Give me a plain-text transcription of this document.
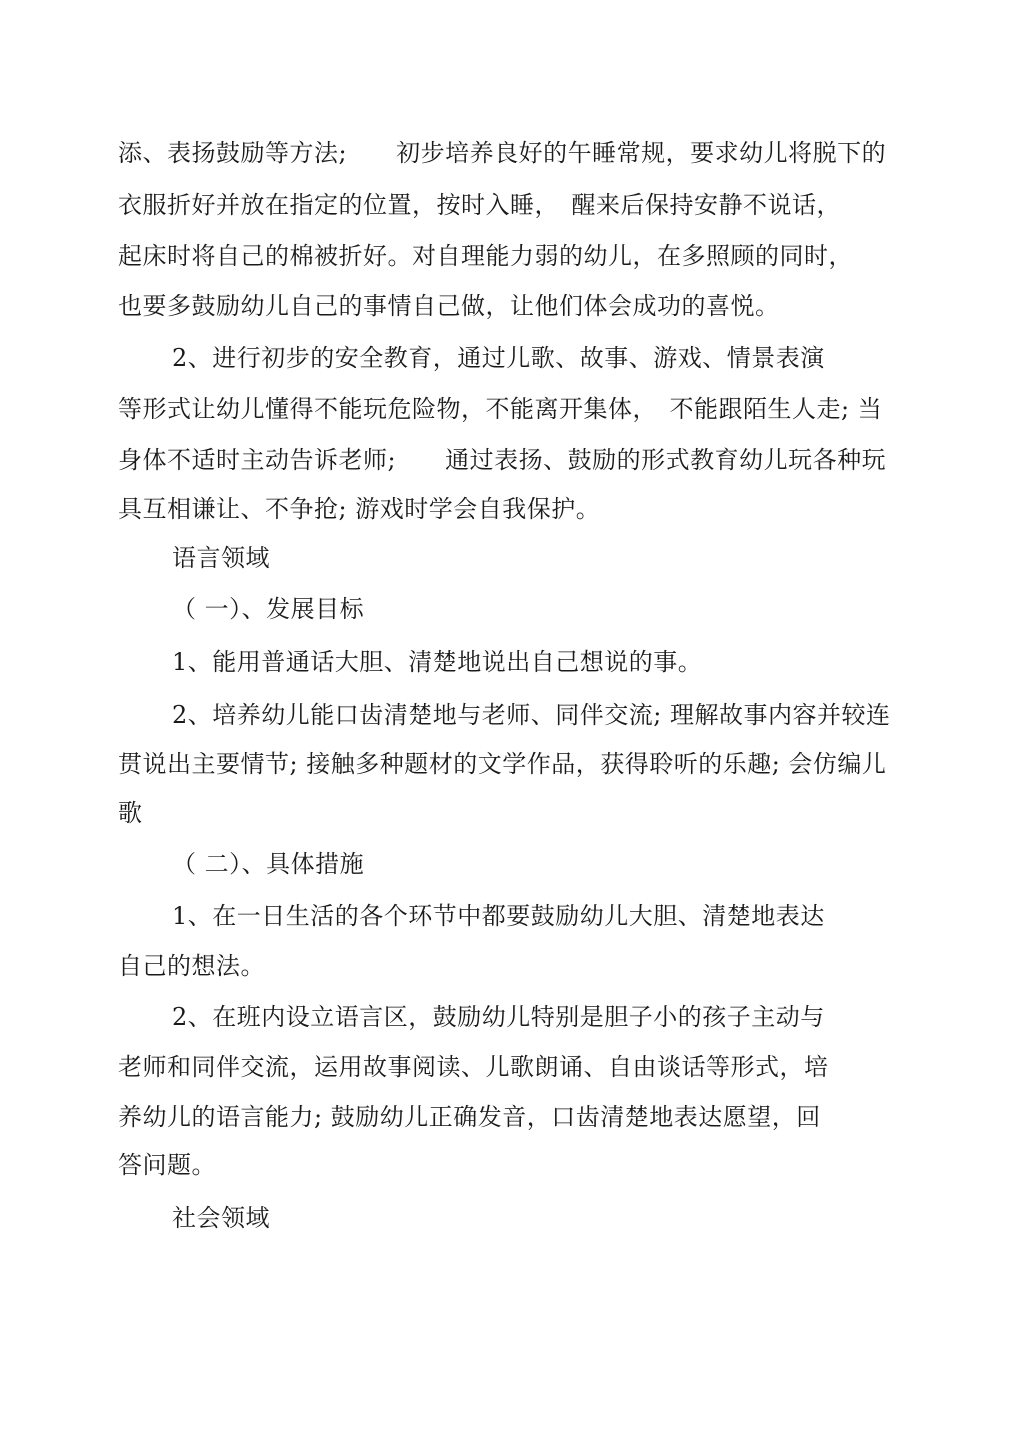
添、表扬鼓励等方法;　　初步培养良好的午睡常规，要求幼儿将脱下的
衣服折好并放在指定的位置，按时入睡，　醒来后保持安静不说话，
起床时将自己的棉被折好。对自理能力弱的幼儿，在多照顾的同时，
也要多鼓励幼儿自己的事情自己做，让他们体会成功的喜悦。
2、进行初步的安全教育，通过儿歌、故事、游戏、情景表演
等形式让幼儿懂得不能玩危险物，不能离开集体，　不能跟陌生人走; 当
身体不适时主动告诉老师;　　通过表扬、鼓励的形式教育幼儿玩各种玩
具互相谦让、不争抢; 游戏时学会自我保护。
语言领域
（ 一）、发展目标
1、能用普通话大胆、清楚地说出自己想说的事。
2、培养幼儿能口齿清楚地与老师、同伴交流; 理解故事内容并较连
贯说出主要情节; 接触多种题材的文学作品，获得聆听的乐趣; 会仿编儿
歌
（ 二）、具体措施
1、在一日生活的各个环节中都要鼓励幼儿大胆、清楚地表达
自己的想法。
2、在班内设立语言区，鼓励幼儿特别是胆子小的孩子主动与
老师和同伴交流，运用故事阅读、儿歌朗诵、自由谈话等形式，培
养幼儿的语言能力; 鼓励幼儿正确发音，口齿清楚地表达愿望，回
答问题。
社会领域
